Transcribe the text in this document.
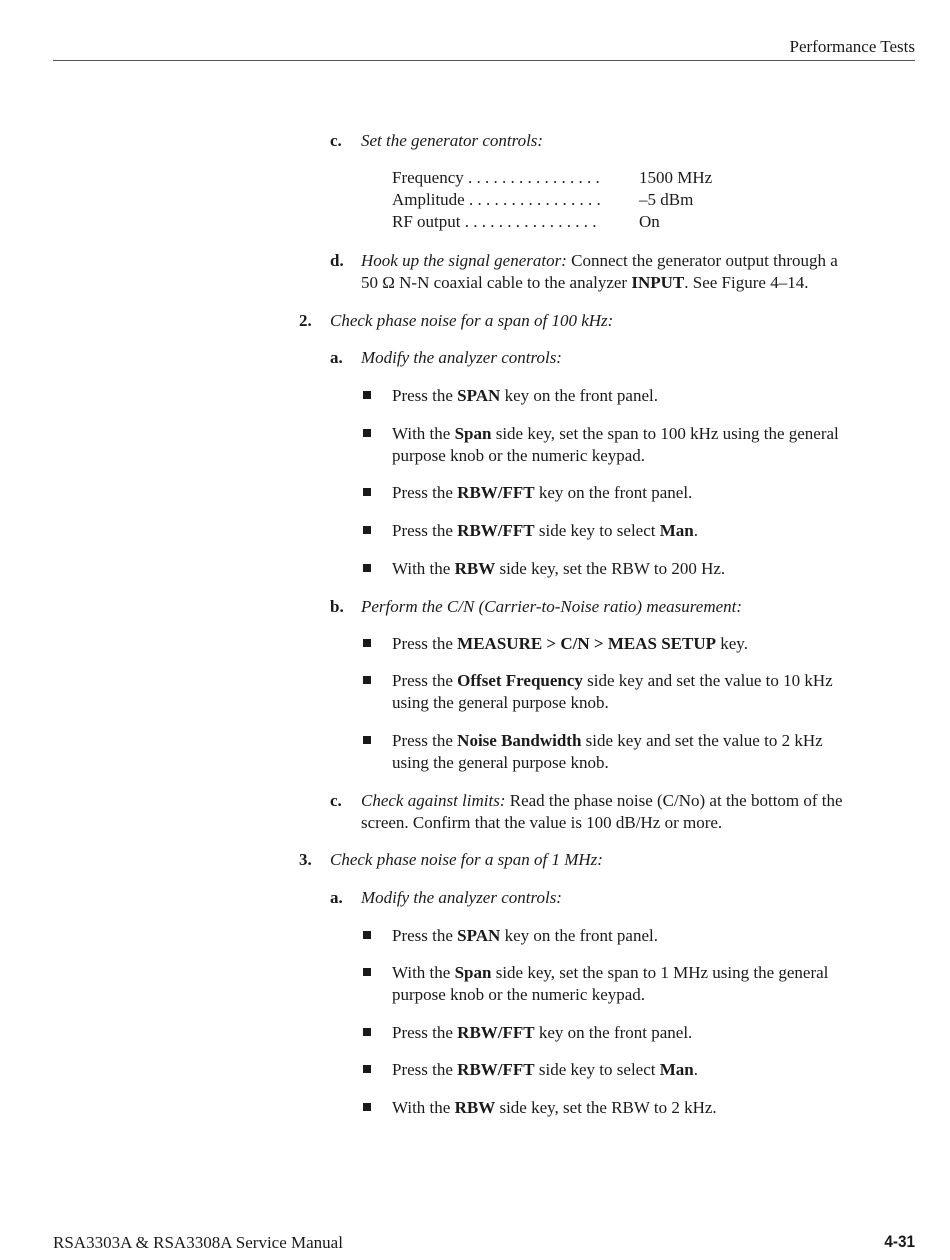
Performance Tests
c. Set the generator controls:
Frequency . . . . . . . . . . . . . . . . 1500 MHz
Amplitude . . . . . . . . . . . . . . . . –5 dBm
RF output . . . . . . . . . . . . . . . .	On
d. Hook up the signal generator: Connect the generator output through a
50 Ω N-N coaxial cable to the analyzer INPUT. See Figure 4–14.
2. Check phase noise for a span of 100 kHz:
a. Modify the analyzer controls:
Press the SPAN key on the front panel.
With the Span side key, set the span to 100 kHz using the general
purpose knob or the numeric keypad.
Press the RBW/FFT key on the front panel.
Press the RBW/FFT side key to select Man.
With the RBW side key, set the RBW to 200 Hz.
b. Perform the C/N (Carrier-to-Noise ratio) measurement:
Press the MEASURE > C/N > MEAS SETUP key.
Press the Offset Frequency side key and set the value to 10 kHz
using the general purpose knob.
Press the Noise Bandwidth side key and set the value to 2 kHz
using the general purpose knob.
c. Check against limits: Read the phase noise (C/No) at the bottom of the
screen. Confirm that the value is 100 dB/Hz or more.
3. Check phase noise for a span of 1 MHz:
a. Modify the analyzer controls:
Press the SPAN key on the front panel.
With the Span side key, set the span to 1 MHz using the general
purpose knob or the numeric keypad.
Press the RBW/FFT key on the front panel.
Press the RBW/FFT side key to select Man.
With the RBW side key, set the RBW to 2 kHz.
RSA3303A & RSA3308A Service Manual	4-31
